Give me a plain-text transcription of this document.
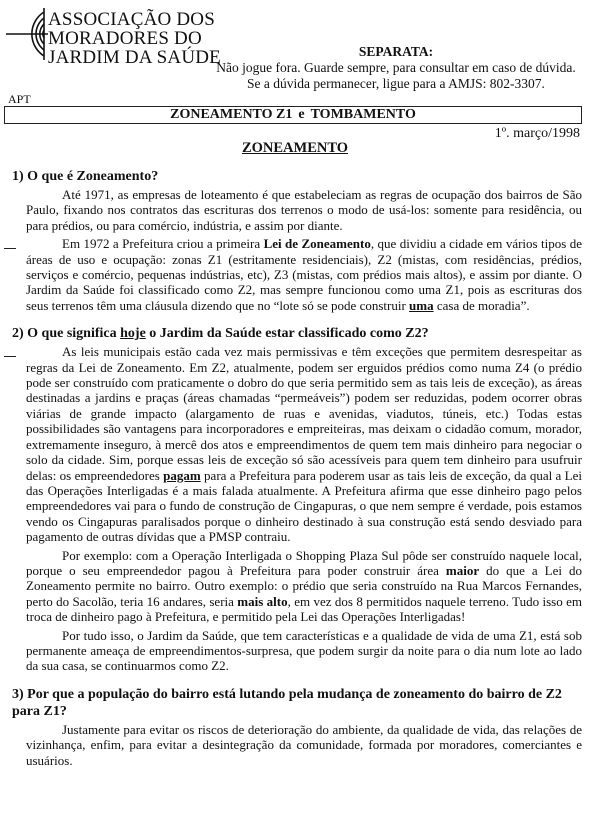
ASSOCIAÇÃO DOS
MORADORES DO
JARDIM DA SAÚDE	SEPARATA:
Não jogue fora. Guarde sempre, para consultar em caso de dúvida.
Se a dúvida permanecer, ligue para a AMJS: 802-3307.
APT
ZONEAMENTO Z1 e TOMBAMENTO
1º. março/1998
ZONEAMENTO
1) O que é Zoneamento?

Até 1971, as empresas de loteamento é que estabeleciam as regras de ocupação dos bairros de São Paulo, fixando nos contratos das escrituras dos terrenos o modo de usá-los: somente para residência, ou para prédios, ou para comércio, indústria, e assim por diante.

Em 1972 a Prefeitura criou a primeira Lei de Zoneamento, que dividiu a cidade em vários tipos de áreas de uso e ocupação: zonas Z1 (estritamente residenciais), Z2 (mistas, com residências, prédios, serviços e comércio, pequenas indústrias, etc), Z3 (mistas, com prédios mais altos), e assim por diante. O Jardim da Saúde foi classificado como Z2, mas sempre funcionou como uma Z1, pois as escrituras dos seus terrenos têm uma cláusula dizendo que no “lote só se pode construir uma casa de moradia”.

2) O que significa hoje o Jardim da Saúde estar classificado como Z2?

As leis municipais estão cada vez mais permissivas e têm exceções que permitem desrespeitar as regras da Lei de Zoneamento. Em Z2, atualmente, podem ser erguidos prédios como numa Z4 (o prédio pode ser construído com praticamente o dobro do que seria permitido sem as tais leis de exceção), as áreas destinadas a jardins e praças (áreas chamadas “permeáveis”) podem ser reduzidas, podem ocorrer obras viárias de grande impacto (alargamento de ruas e avenidas, viadutos, túneis, etc.) Todas estas possibilidades são vantagens para incorporadores e empreiteiras, mas deixam o cidadão comum, morador, extremamente inseguro, à mercê dos atos e empreendimentos de quem tem mais dinheiro para negociar o solo da cidade. Sim, porque essas leis de exceção só são acessíveis para quem tem dinheiro para usufruir delas: os empreendedores pagam para a Prefeitura para poderem usar as tais leis de exceção, da qual a Lei das Operações Interligadas é a mais falada atualmente. A Prefeitura afirma que esse dinheiro pago pelos empreendedores vai para o fundo de construção de Cingapuras, o que nem sempre é verdade, pois estamos vendo os Cingapuras paralisados porque o dinheiro destinado à sua construção está sendo desviado para pagamento de outras dívidas que a PMSP contraiu.

Por exemplo: com a Operação Interligada o Shopping Plaza Sul pôde ser construído naquele local, porque o seu empreendedor pagou à Prefeitura para poder construir área maior do que a Lei do Zoneamento permite no bairro. Outro exemplo: o prédio que seria construído na Rua Marcos Fernandes, perto do Sacolão, teria 16 andares, seria mais alto, em vez dos 8 permitidos naquele terreno. Tudo isso em troca de dinheiro pago à Prefeitura, e permitido pela Lei das Operações Interligadas!

Por tudo isso, o Jardim da Saúde, que tem características e a qualidade de vida de uma Z1, está sob permanente ameaça de empreendimentos-surpresa, que podem surgir da noite para o dia num lote ao lado da sua casa, se continuarmos como Z2.

3) Por que a população do bairro está lutando pela mudança de zoneamento do bairro de Z2 para Z1?

Justamente para evitar os riscos de deterioração do ambiente, da qualidade de vida, das relações de vizinhança, enfim, para evitar a desintegração da comunidade, formada por moradores, comerciantes e usuários.
